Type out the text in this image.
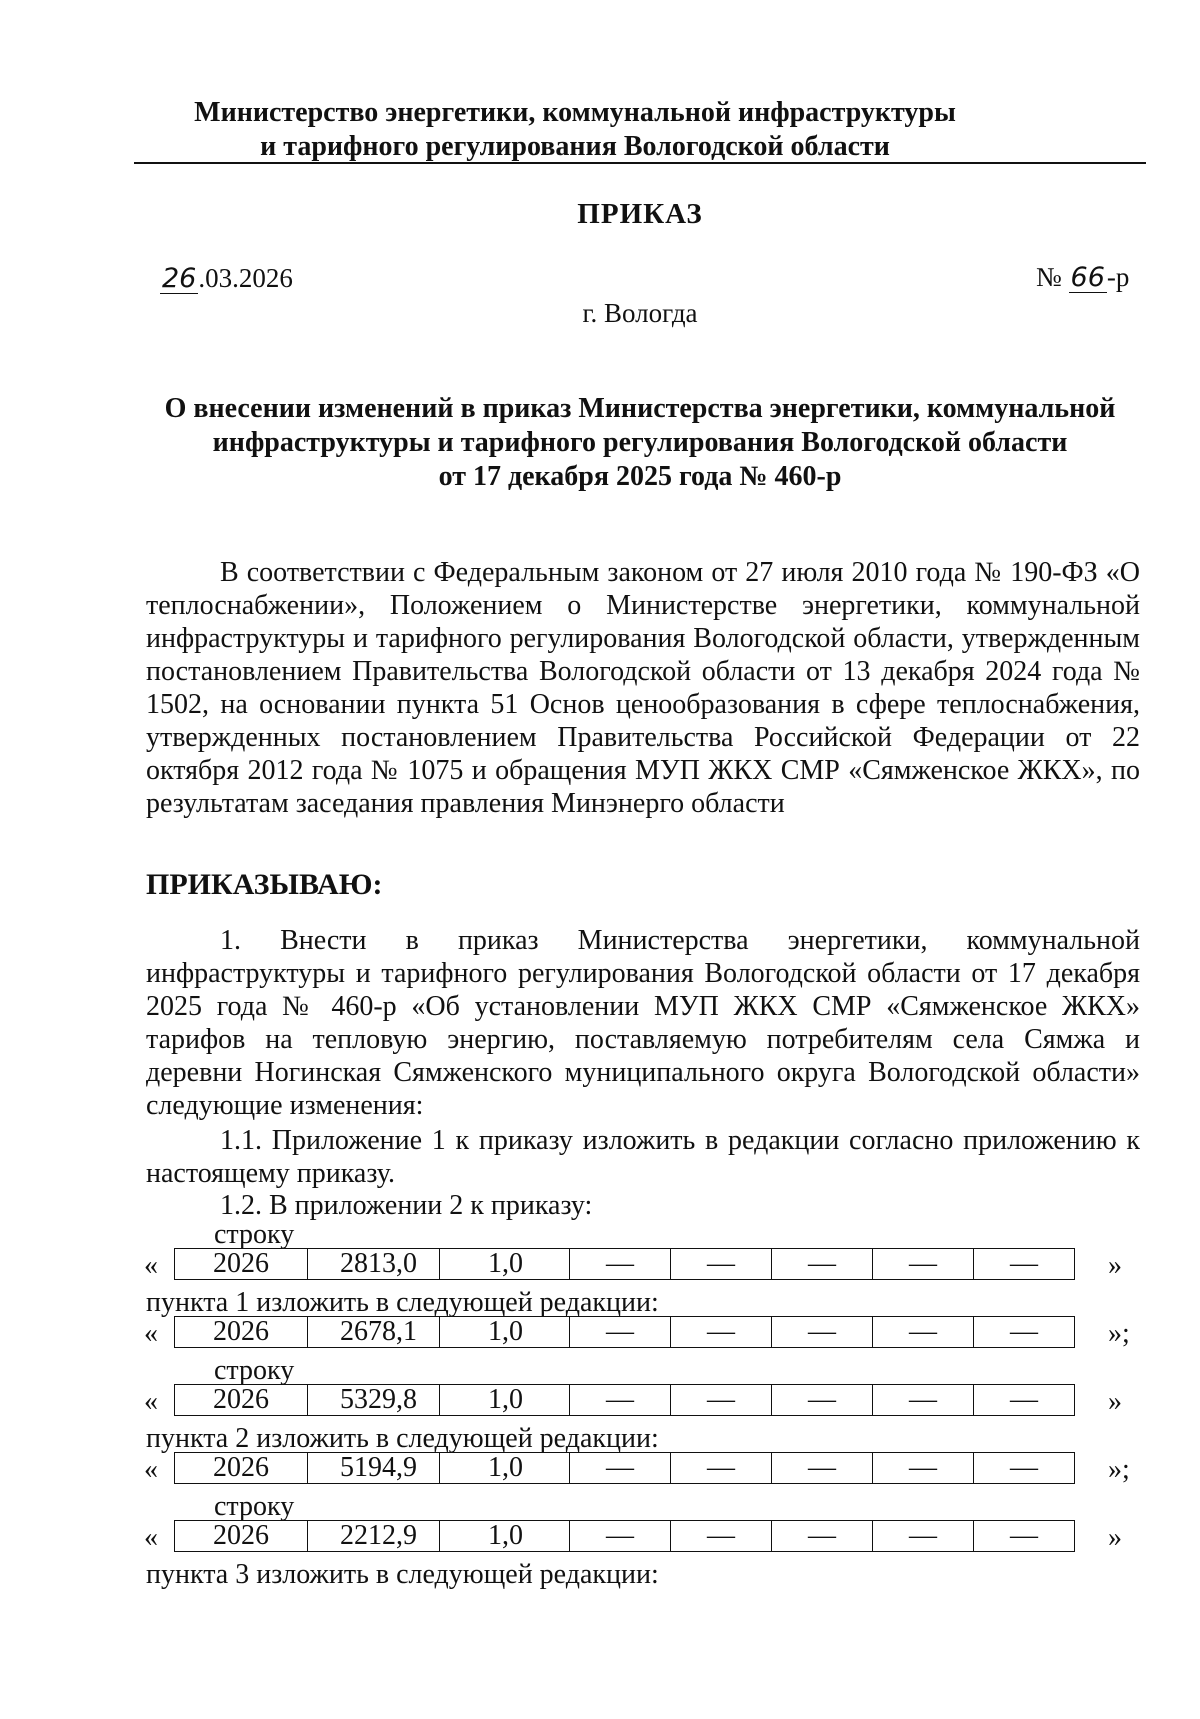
Министерство энергетики, коммунальной инфраструктуры
и тарифного регулирования Вологодской области
ПРИКАЗ
26.03.2026	№ 66-р
г. Вологда
О внесении изменений в приказ Министерства энергетики, коммунальной
инфраструктуры и тарифного регулирования Вологодской области
от 17 декабря 2025 года № 460-р
В соответствии с Федеральным законом от 27 июля 2010 года № 190-ФЗ «О теплоснабжении», Положением о Министерстве энергетики, коммунальной инфраструктуры и тарифного регулирования Вологодской области, утвержденным постановлением Правительства Вологодской области от 13 декабря 2024 года № 1502, на основании пункта 51 Основ ценообразования в сфере теплоснабжения, утвержденных постановлением Правительства Российской Федерации от 22 октября 2012 года № 1075 и обращения МУП ЖКХ СМР «Сямженское ЖКХ», по результатам заседания правления Минэнерго области
ПРИКАЗЫВАЮ:
1. Внести в приказ Министерства энергетики, коммунальной инфраструктуры и тарифного регулирования Вологодской области от 17 декабря 2025 года № 460-р «Об установлении МУП ЖКХ СМР «Сямженское ЖКХ» тарифов на тепловую энергию, поставляемую потребителям села Сямжа и деревни Ногинская Сямженского муниципального округа Вологодской области» следующие изменения:
1.1. Приложение 1 к приказу изложить в редакции согласно приложению к настоящему приказу.
1.2. В приложении 2 к приказу:
строку
« 2026	2813,0	1,0	—	—	—	—	—	»
пункта 1 изложить в следующей редакции:
« 2026	2678,1	1,0	—	—	—	—	—	»;
строку
« 2026	5329,8	1,0	—	—	—	—	—	»
пункта 2 изложить в следующей редакции:
« 2026	5194,9	1,0	—	—	—	—	—	»;
строку
« 2026	2212,9	1,0	—	—	—	—	—	»
пункта 3 изложить в следующей редакции:
